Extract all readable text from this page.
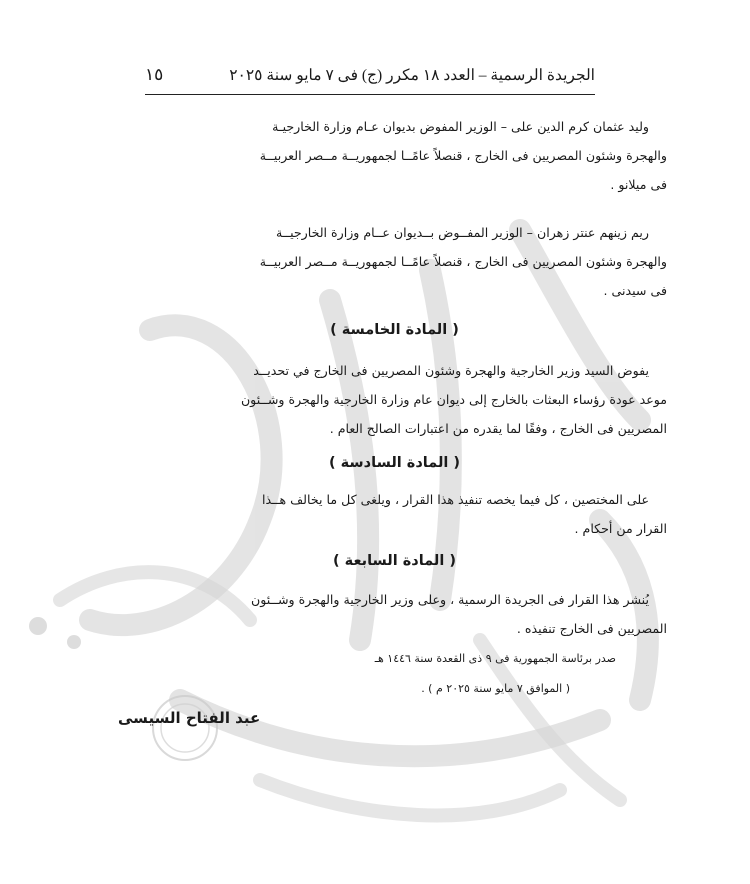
الجريدة الرسمية – العدد ١٨ مكرر (ج) فى ٧ مايو سنة ٢٠٢٥
١٥
وليد عثمان كرم الدين على – الوزير المفوض بديوان عـام وزارة الخارجيـة
والهجرة وشئون المصريين فى الخارج ، قنصلاً عامًــا لجمهوريــة مــصر العربيــة
فى ميلانو .
ريم زينهم عنتر زهران – الوزير المفــوض بــديوان عــام وزارة الخارجيــة
والهجرة وشئون المصريين فى الخارج ، قنصلاً عامًــا لجمهوريــة مــصر العربيــة
فى سيدنى .
( المادة الخامسة )
يفوض السيد وزير الخارجية والهجرة وشئون المصريين فى الخارج في تحديــد
موعد عودة رؤساء البعثات بالخارج إلى ديوان عام وزارة الخارجية والهجرة وشــئون
المصريين فى الخارج ، وفقًا لما يقدره من اعتبارات الصالح العام .
( المادة السادسة )
على المختصين ، كل فيما يخصه تنفيذ هذا القرار ، ويلغى كل ما يخالف هــذا
القرار من أحكام .
( المادة السابعة )
يُنشر هذا القرار فى الجريدة الرسمية ، وعلى وزير الخارجية والهجرة وشــئون
المصريين فى الخارج تنفيذه .
صدر برئاسة الجمهورية فى ٩ ذى القعدة سنة ١٤٤٦ هـ
( الموافق ٧ مايو سنة ٢٠٢٥ م ) .
عبد الفتاح السيسى
